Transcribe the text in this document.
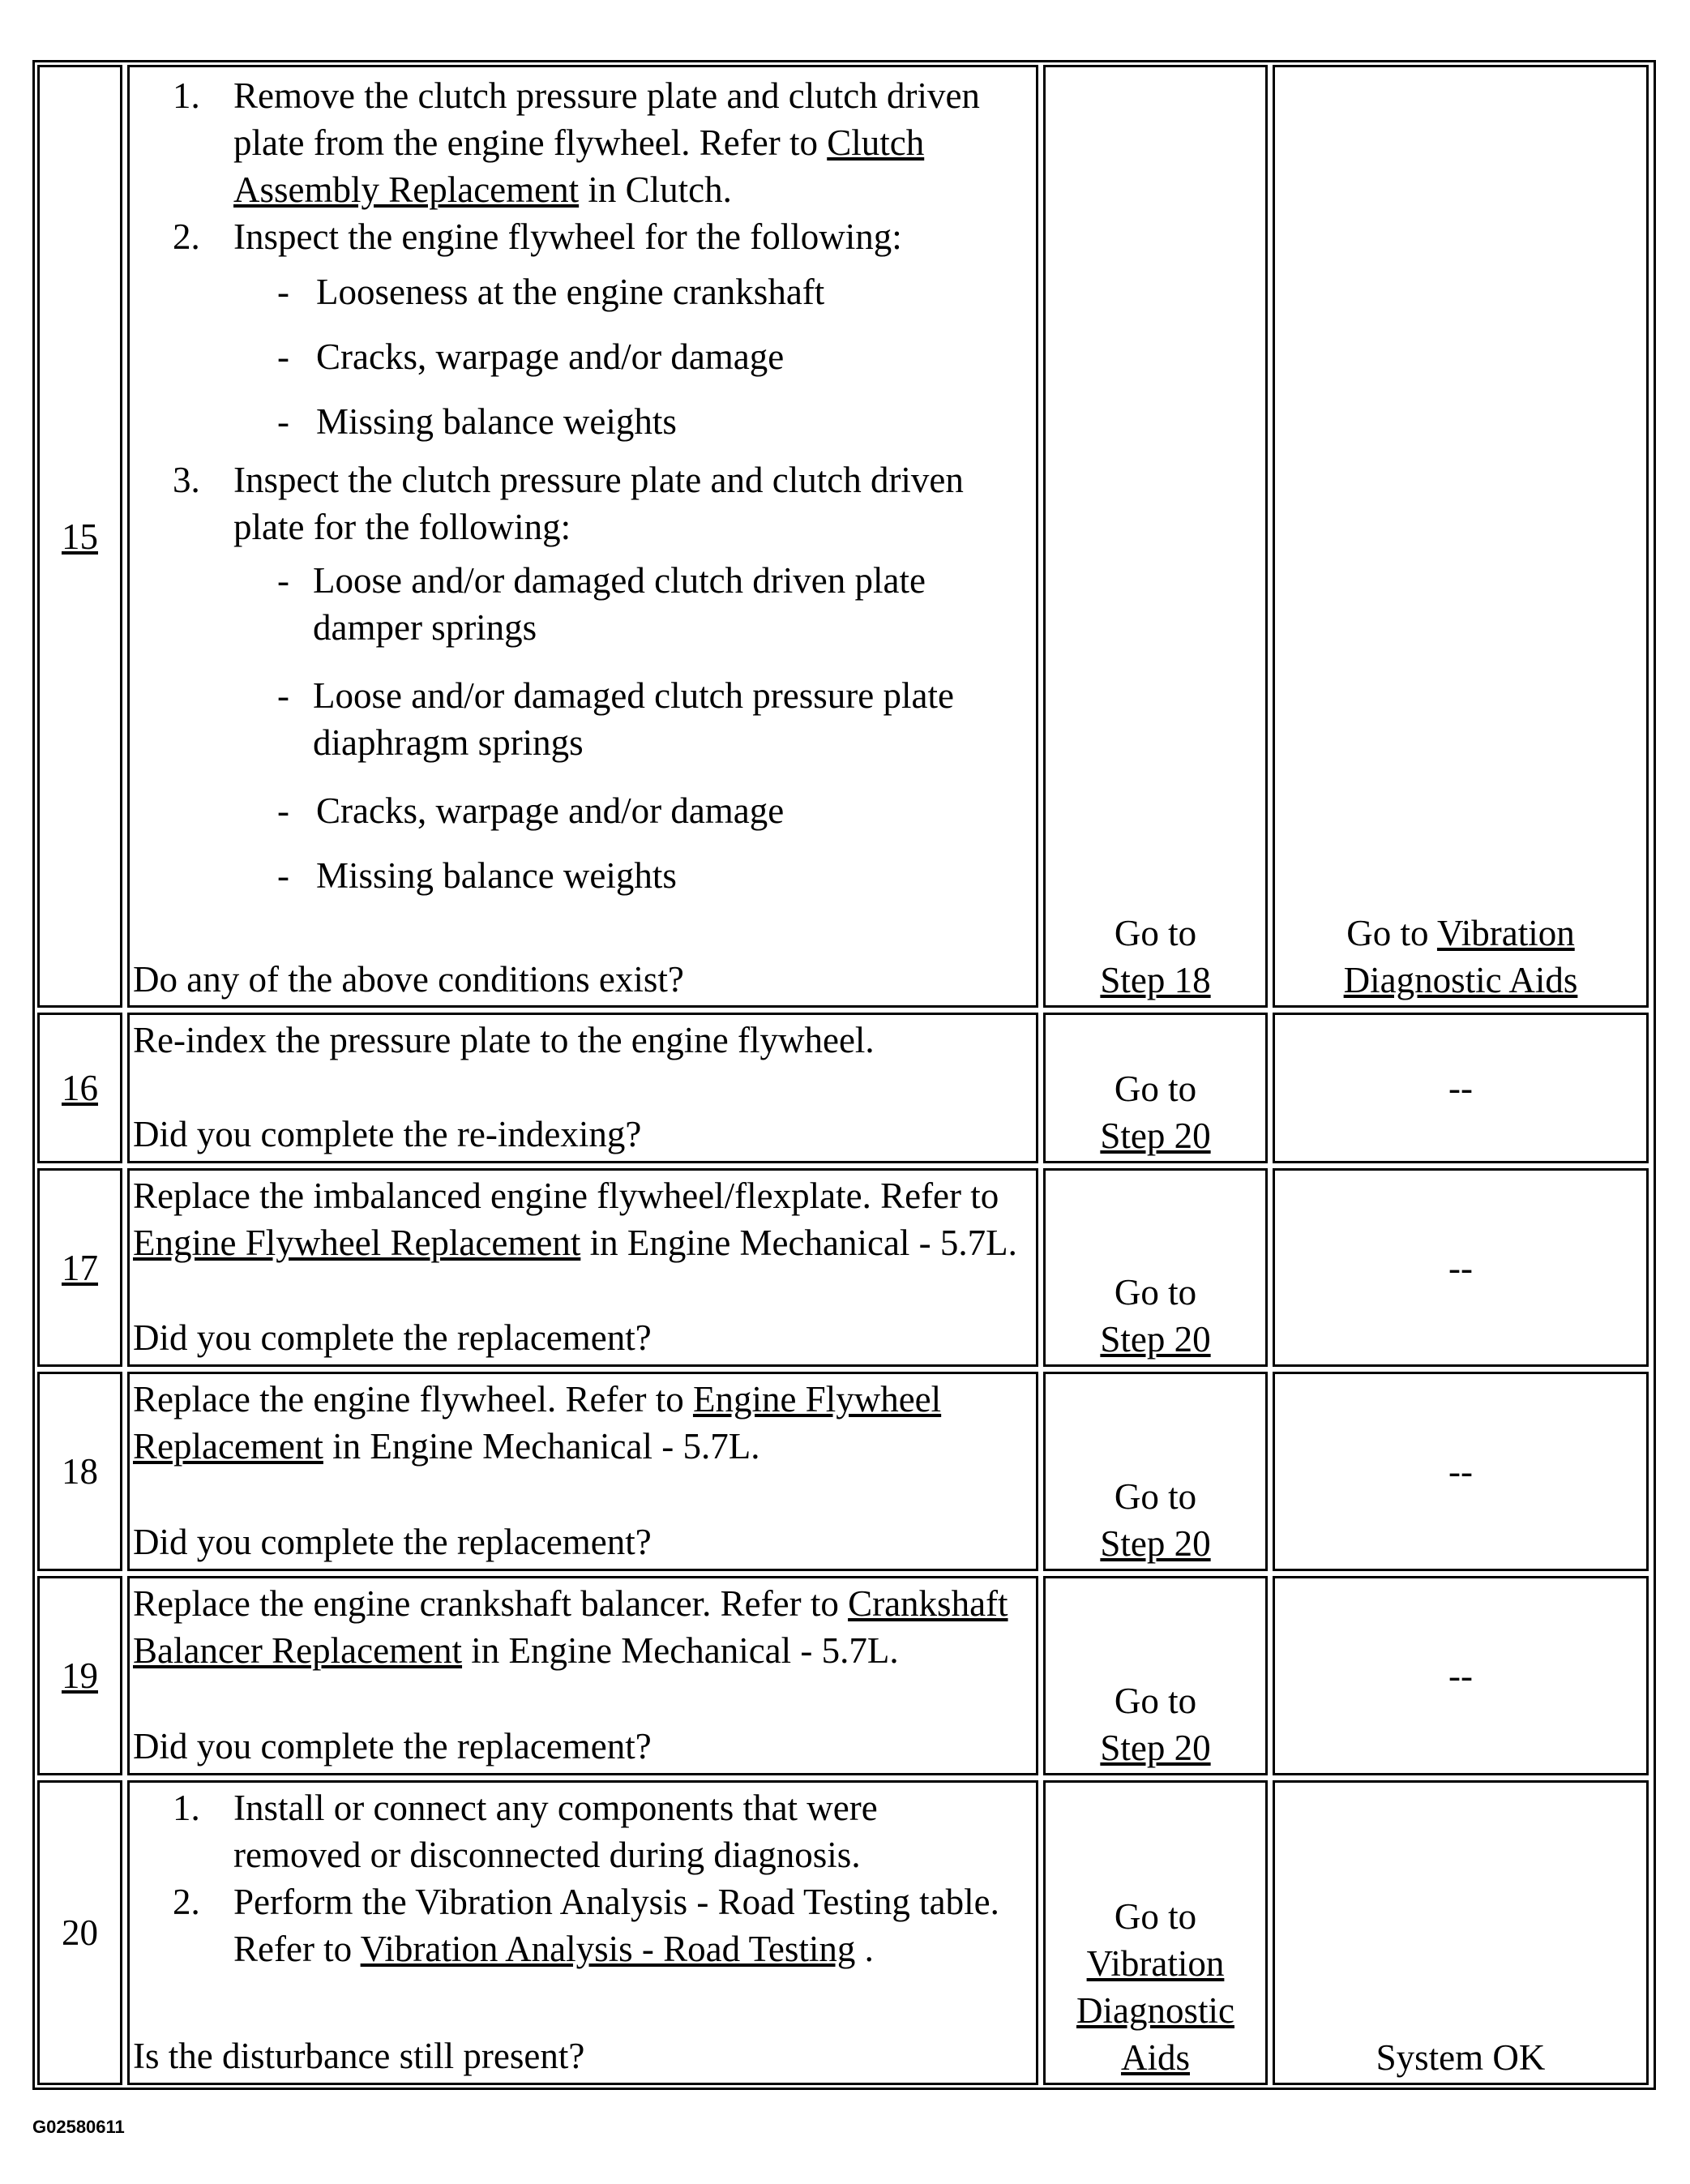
15
1. Remove the clutch pressure plate and clutch driven
plate from the engine flywheel. Refer to Clutch
Assembly Replacement in Clutch.
2. Inspect the engine flywheel for the following:
- Looseness at the engine crankshaft
- Cracks, warpage and/or damage
- Missing balance weights
3. Inspect the clutch pressure plate and clutch driven
plate for the following:
- Loose and/or damaged clutch driven plate
damper springs
- Loose and/or damaged clutch pressure plate
diaphragm springs
- Cracks, warpage and/or damage
- Missing balance weights
Do any of the above conditions exist?
Go to
Step 18
Go to Vibration
Diagnostic Aids
16
Re-index the pressure plate to the engine flywheel.
Did you complete the re-indexing?
Go to
Step 20
--
17
Replace the imbalanced engine flywheel/flexplate. Refer to
Engine Flywheel Replacement in Engine Mechanical - 5.7L.
Did you complete the replacement?
Go to
Step 20
--
18
Replace the engine flywheel. Refer to Engine Flywheel
Replacement in Engine Mechanical - 5.7L.
Did you complete the replacement?
Go to
Step 20
--
19
Replace the engine crankshaft balancer. Refer to Crankshaft
Balancer Replacement in Engine Mechanical - 5.7L.
Did you complete the replacement?
Go to
Step 20
--
20
1. Install or connect any components that were
removed or disconnected during diagnosis.
2. Perform the Vibration Analysis - Road Testing table.
Refer to Vibration Analysis - Road Testing .
Is the disturbance still present?
Go to
Vibration
Diagnostic
Aids	System OK
G02580611
